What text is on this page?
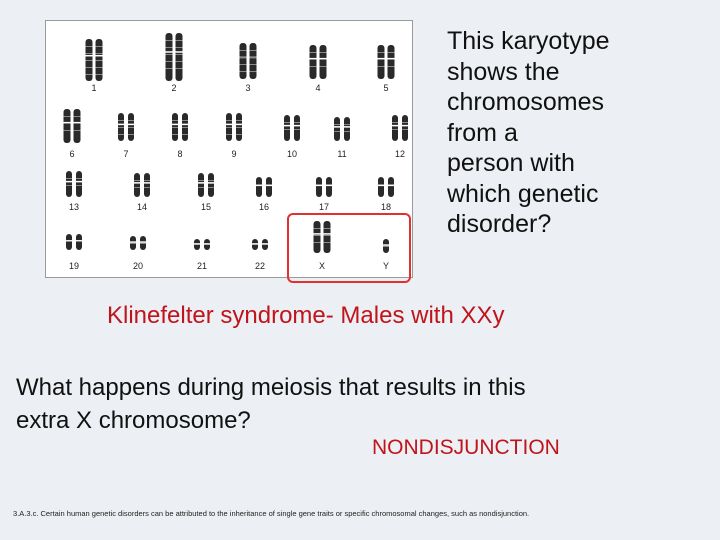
1	2	3	4	5
6	7	8	9	10	11	12
13	14	15	16	17	18
19	20	21	22	X	Y
This karyotype
shows the
chromosomes
from a
person with
which genetic
disorder?
Klinefelter syndrome- Males with XXy
What happens during meiosis that results in this
extra X chromosome?
NONDISJUNCTION
3.A.3.c. Certain human genetic disorders can be attributed to the inheritance of single gene traits or specific chromosomal changes, such as nondisjunction.
